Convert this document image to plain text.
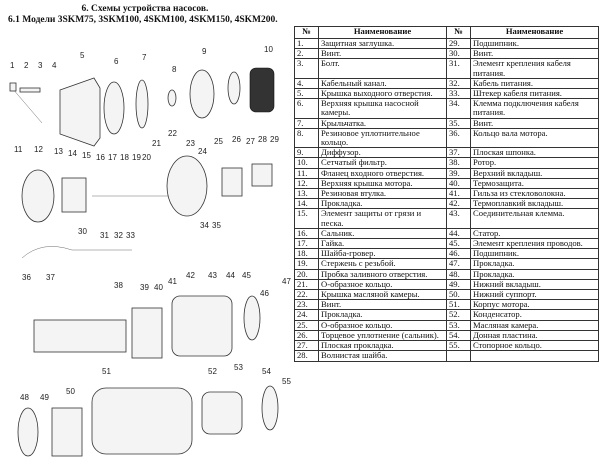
6. Схемы устройства насосов.
6.1 Модели 3SKM75, 3SKM100, 4SKM100, 4SKM150, 4SKM200.
1 2 3 4
5
6	7
8
9	10
11 12 13 14 15 16 17 18 19 20
21
22
23
24
25 26 27 28 29
30 31 32 33
34 35
36 37
38 39 40
41
42 43 44 45
46
47
48 49
50
51	52 53 54
55
№	Наименование	№	Наименование
1.	Защитная заглушка.	29.	Подшипник.
2.	Винт.	30.	Винт.
3.	Болт.	31.	Элемент крепления кабеля питания.
4.	Кабельный канал.	32.	Кабель питания.
5.	Крышка выходного отверстия.	33.	Штекер кабеля питания.
6.	Верхняя крышка насосной камеры.	34.	Клемма подключения кабеля питания.
7.	Крыльчатка.	35.	Винт.
8.	Резиновое уплотнительное кольцо.	36.	Кольцо вала мотора.
9.	Диффузор.	37.	Плоская шпонка.
10.	Сетчатый фильтр.	38.	Ротор.
11.	Фланец входного отверстия.	39.	Верхний вкладыш.
12.	Верхняя крышка мотора.	40.	Термозащита.
13.	Резиновая втулка.	41.	Гильза из стекловолокна.
14.	Прокладка.	42.	Термоплавкий вкладыш.
15.	Элемент защиты от грязи и песка.	43.	Соединительная клемма.
16.	Сальник.	44.	Статор.
17.	Гайка.	45.	Элемент крепления проводов.
18.	Шайба-гровер.	46.	Подшипник.
19.	Стержень с резьбой.	47.	Прокладка.
20.	Пробка заливного отверстия.	48.	Прокладка.
21.	О-образное кольцо.	49.	Нижний вкладыш.
22.	Крышка масляной камеры.	50.	Нижний суппорт.
23.	Винт.	51.	Корпус мотора.
24.	Прокладка.	52.	Конденсатор.
25.	О-образное кольцо.	53.	Масляная камера.
26.	Торцевое уплотнение (сальник).	54.	Донная пластина.
27.	Плоская прокладка.	55.	Стопорное кольцо.
28.	Волнистая шайба.		
